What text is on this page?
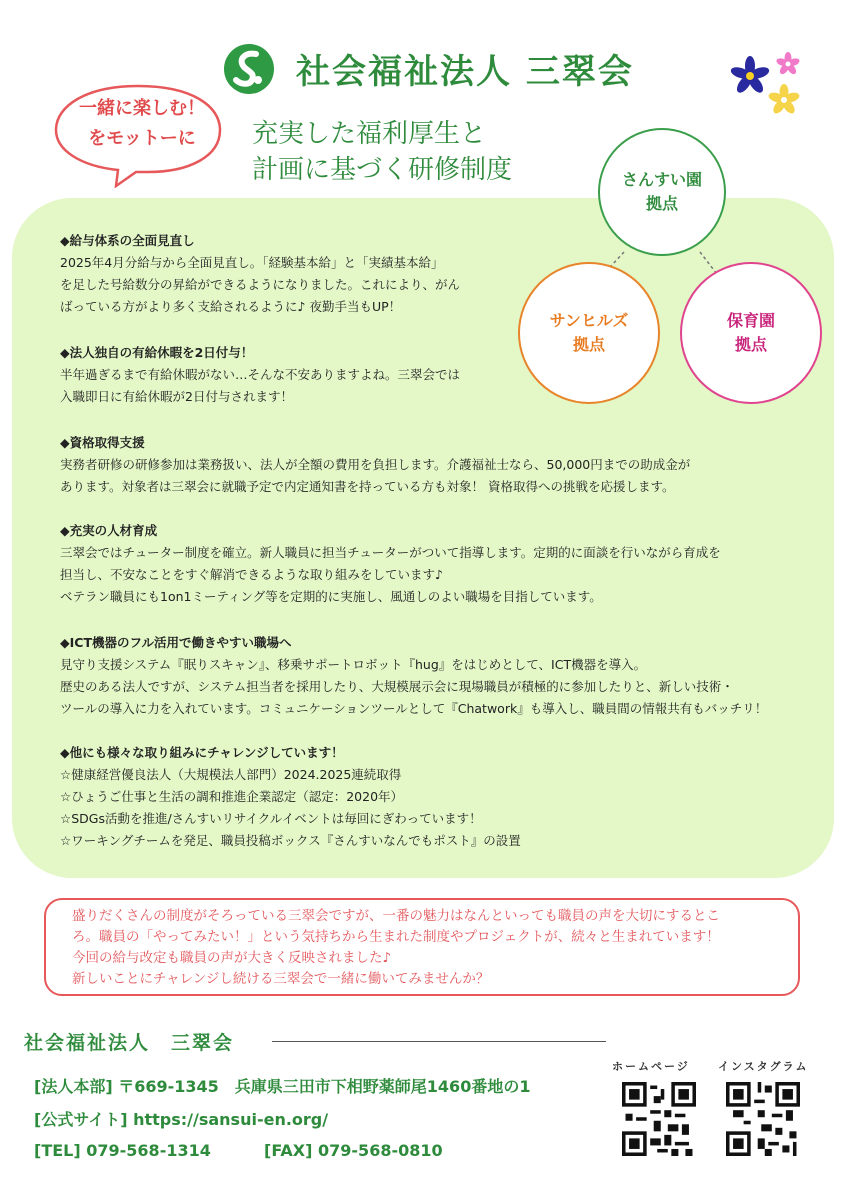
社会福祉法人 三翠会
一緒に楽しむ！
をモットーに	充実した福利厚生と
計画に基づく研修制度	さんすい園
拠点
サンヒルズ
拠点
保育園
拠点
◆給与体系の全面見直し
2025年4月分給与から全面見直し。「経験基本給」と「実績基本給」
を足した号給数分の昇給ができるようになりました。これにより、がん
ばっている方がより多く支給されるように♪ 夜勤手当もUP！
◆法人独自の有給休暇を2日付与！
半年過ぎるまで有給休暇がない…そんな不安ありますよね。三翠会では
入職即日に有給休暇が2日付与されます！
◆資格取得支援
実務者研修の研修参加は業務扱い、法人が全額の費用を負担します。介護福祉士なら、50,000円までの助成金が
あります。対象者は三翠会に就職予定で内定通知書を持っている方も対象！ 資格取得への挑戦を応援します。
◆充実の人材育成
三翠会ではチューター制度を確立。新人職員に担当チューターがついて指導します。定期的に面談を行いながら育成を
担当し、不安なことをすぐ解消できるような取り組みをしています♪
ベテラン職員にも1on1ミーティング等を定期的に実施し、風通しのよい職場を目指しています。
◆ICT機器のフル活用で働きやすい職場へ
見守り支援システム『眠りスキャン』、移乗サポートロボット『hug』をはじめとして、ICT機器を導入。
歴史のある法人ですが、システム担当者を採用したり、大規模展示会に現場職員が積極的に参加したりと、新しい技術・
ツールの導入に力を入れています。コミュニケーションツールとして『Chatwork』も導入し、職員間の情報共有もバッチリ！
◆他にも様々な取り組みにチャレンジしています！
☆健康経営優良法人（大規模法人部門）2024.2025連続取得
☆ひょうご仕事と生活の調和推進企業認定（認定：2020年）
☆SDGs活動を推進/さんすいリサイクルイベントは毎回にぎわっています！
☆ワーキングチームを発足、職員投稿ボックス『さんすいなんでもポスト』の設置
盛りだくさんの制度がそろっている三翠会ですが、一番の魅力はなんといっても職員の声を大切にするとこ
ろ。職員の「やってみたい！」という気持ちから生まれた制度やプロジェクトが、続々と生まれています！
今回の給与改定も職員の声が大きく反映されました♪
新しいことにチャレンジし続ける三翠会で一緒に働いてみませんか？
社会福祉法人　三翠会
[法人本部] 〒669-1345　兵庫県三田市下相野薬師尾1460番地の1
[公式サイト] https://sansui-en.org/
[TEL] 079-568-1314	[FAX] 079-568-0810
ホームページ	インスタグラム
